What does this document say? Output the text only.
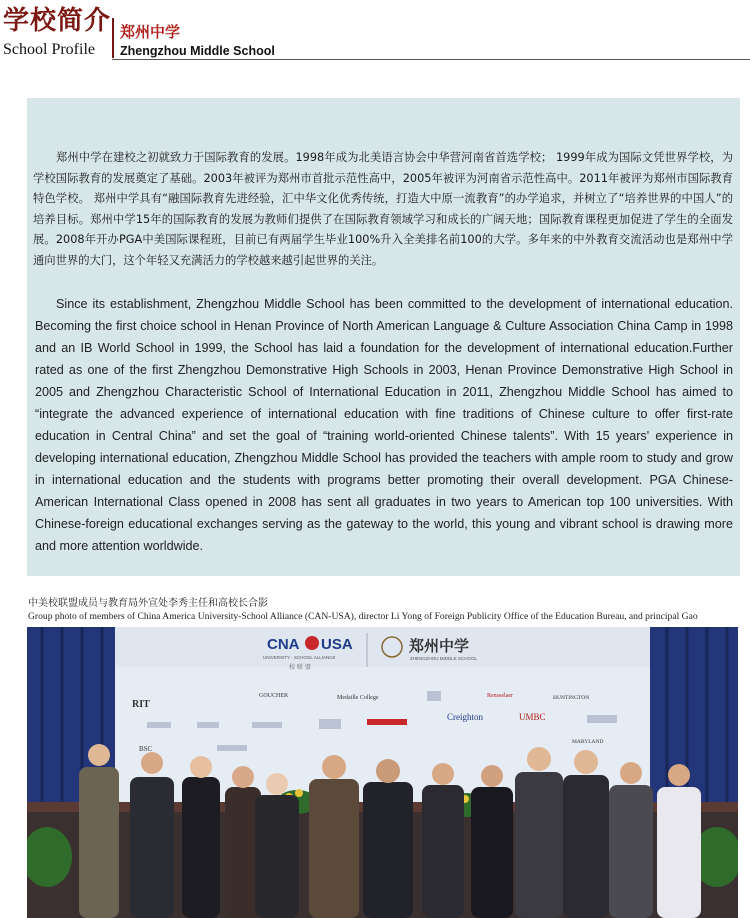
学校简介
School Profile
郑州中学
Zhengzhou Middle School

郑州中学在建校之初就致力于国际教育的发展。1998年成为北美语言协会中华营河南省首选学校； 1999年成为国际文凭世界学校，为学校国际教育的发展奠定了基础。2003年被评为郑州市首批示范性高中，2005年被评为河南省示范性高中。2011年被评为郑州市国际教育特色学校。 郑州中学具有“融国际教育先进经验，汇中华文化优秀传统，打造大中原一流教育”的办学追求，并树立了“培养世界的中国人”的培养目标。郑州中学15年的国际教育的发展为教师们提供了在国际教育领域学习和成长的广阔天地；国际教育课程更加促进了学生的全面发展。2008年开办PGA中美国际课程班，目前已有两届学生毕业100%升入全美排名前100的大学。多年来的中外教育交流活动也是郑州中学通向世界的大门，这个年轻又充满活力的学校越来越引起世界的关注。

Since its establishment, Zhengzhou Middle School has been committed to the development of international education. Becoming the first choice school in Henan Province of North American Language & Culture Association China Camp in 1998 and an IB World School in 1999, the School has laid a foundation for the development of international education.Further rated as one of the first Zhengzhou Demonstrative High Schools in 2003, Henan Province Demonstrative High School in 2005 and Zhengzhou Characteristic School of International Education in 2011, Zhengzhou Middle School has aimed to “integrate the advanced experience of international education with fine traditions of Chinese culture to offer first-rate education in Central China” and set the goal of “training world-oriented Chinese talents”. With 15 years' experience in developing international education, Zhengzhou Middle School has provided the teachers with ample room to study and grow in international education and the students with programs better promoting their overall development. PGA Chinese-American International Class opened in 2008 has sent all graduates in two years to American top 100 universities. With Chinese-foreign educational exchanges serving as the gateway to the world, this young and vibrant school is drawing more and more attention worldwide.

中美校联盟成员与教育局外宣处李秀主任和高校长合影
Group photo of members of China America University-School Alliance (CAN-USA), director Li Yong of Foreign Publicity Office of the Education Bureau, and principal Gao
CNA USA
UNIVERSITY · SCHOOL ALLIANCE
校 联 盟
郑州中学
ZHENGZHOU MIDDLE SCHOOL
RIT
GOUCHER	Medaille College	Rensselaer	HUNTINGTON
Creighton	UMBC
MARYLAND
BSC
